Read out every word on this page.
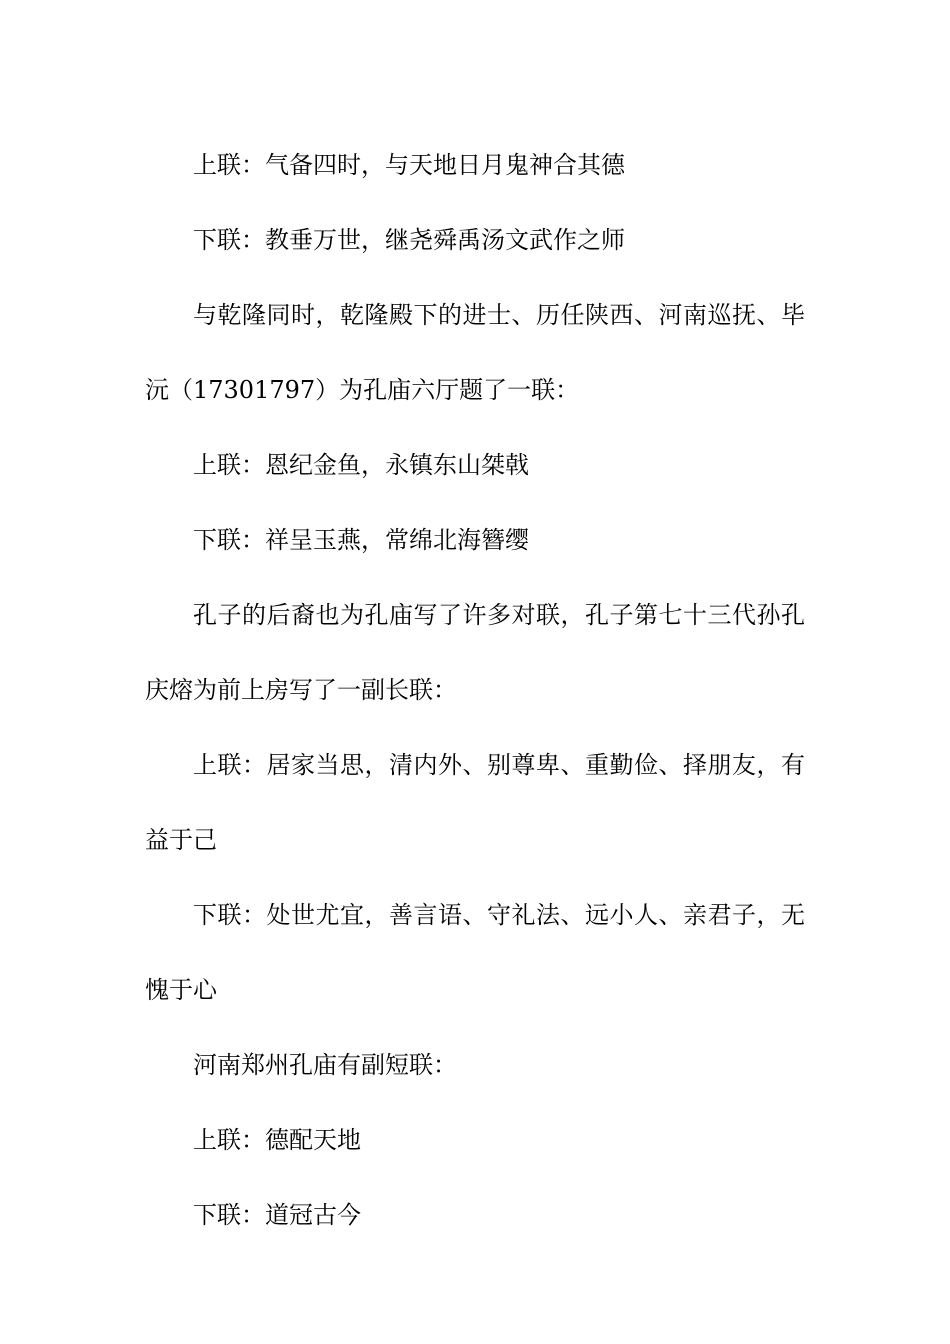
上联：气备四时，与天地日月鬼神合其德

下联：教垂万世，继尧舜禹汤文武作之师

与乾隆同时，乾隆殿下的进士、历任陕西、河南巡抚、毕沅（17301797）为孔庙六厅题了一联：

上联：恩纪金鱼，永镇东山桀戟

下联：祥呈玉燕，常绵北海簪缨

孔子的后裔也为孔庙写了许多对联，孔子第七十三代孙孔庆熔为前上房写了一副长联：

上联：居家当思，清内外、别尊卑、重勤俭、择朋友，有益于己

下联：处世尤宜，善言语、守礼法、远小人、亲君子，无愧于心

河南郑州孔庙有副短联：

上联：德配天地

下联：道冠古今
